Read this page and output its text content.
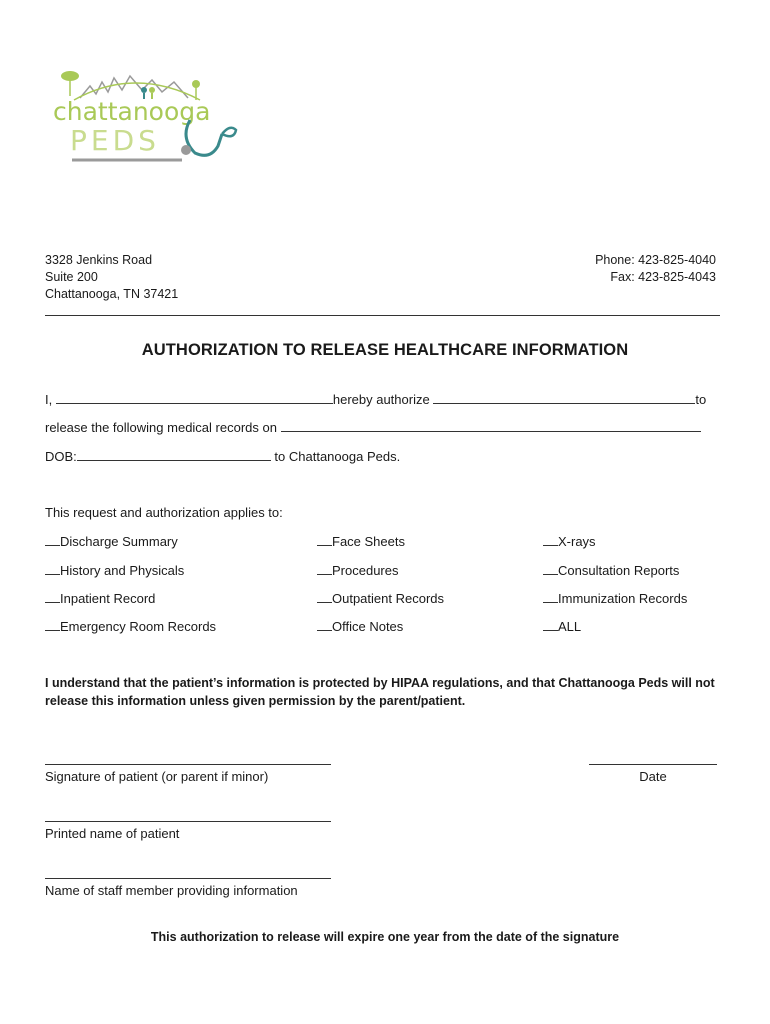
chattanooga
PEDS
3328 Jenkins Road
Suite 200
Chattanooga, TN 37421
Phone: 423-825-4040
Fax: 423-825-4043
AUTHORIZATION TO RELEASE HEALTHCARE INFORMATION
I,	hereby authorize	to
release the following medical records on
DOB:	to Chattanooga Peds.
This request and authorization applies to:
Discharge Summary	Face Sheets	X-rays
History and Physicals	Procedures	Consultation Reports
Inpatient Record	Outpatient Records	Immunization Records
Emergency Room Records	Office Notes	ALL
I understand that the patient’s information is protected by HIPAA regulations, and that Chattanooga Peds will not release this information unless given permission by the parent/patient.
Signature of patient (or parent if minor)	Date
Printed name of patient
Name of staff member providing information
This authorization to release will expire one year from the date of the signature
